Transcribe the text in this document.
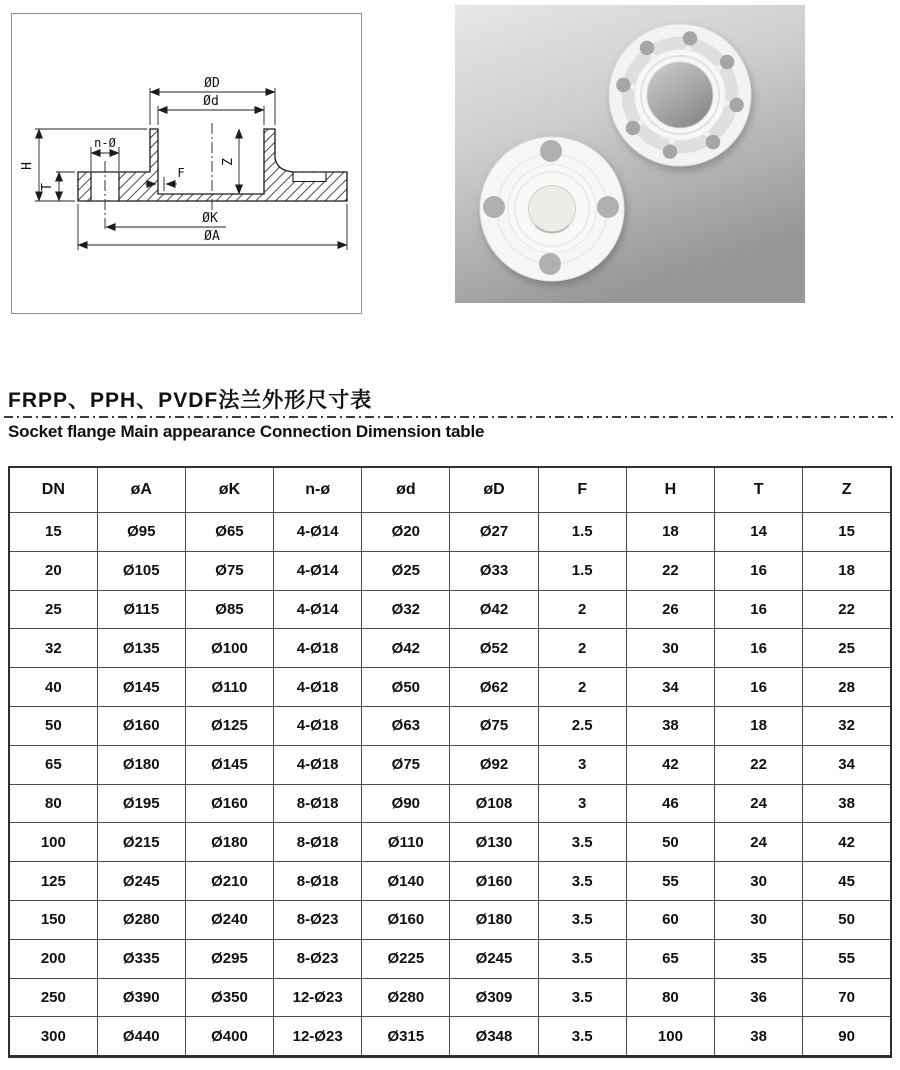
ØD
Ød
H
T
n-Ø
F
Z
ØK
ØA
FRPP、PPH、PVDF法兰外形尺寸表
Socket flange Main appearance Connection Dimension table
DN	øA	øK	n-ø	ød	øD	F	H	T	Z
15	Ø95	Ø65	4-Ø14	Ø20	Ø27	1.5	18	14	15
20	Ø105	Ø75	4-Ø14	Ø25	Ø33	1.5	22	16	18
25	Ø115	Ø85	4-Ø14	Ø32	Ø42	2	26	16	22
32	Ø135	Ø100	4-Ø18	Ø42	Ø52	2	30	16	25
40	Ø145	Ø110	4-Ø18	Ø50	Ø62	2	34	16	28
50	Ø160	Ø125	4-Ø18	Ø63	Ø75	2.5	38	18	32
65	Ø180	Ø145	4-Ø18	Ø75	Ø92	3	42	22	34
80	Ø195	Ø160	8-Ø18	Ø90	Ø108	3	46	24	38
100	Ø215	Ø180	8-Ø18	Ø110	Ø130	3.5	50	24	42
125	Ø245	Ø210	8-Ø18	Ø140	Ø160	3.5	55	30	45
150	Ø280	Ø240	8-Ø23	Ø160	Ø180	3.5	60	30	50
200	Ø335	Ø295	8-Ø23	Ø225	Ø245	3.5	65	35	55
250	Ø390	Ø350	12-Ø23	Ø280	Ø309	3.5	80	36	70
300	Ø440	Ø400	12-Ø23	Ø315	Ø348	3.5	100	38	90
